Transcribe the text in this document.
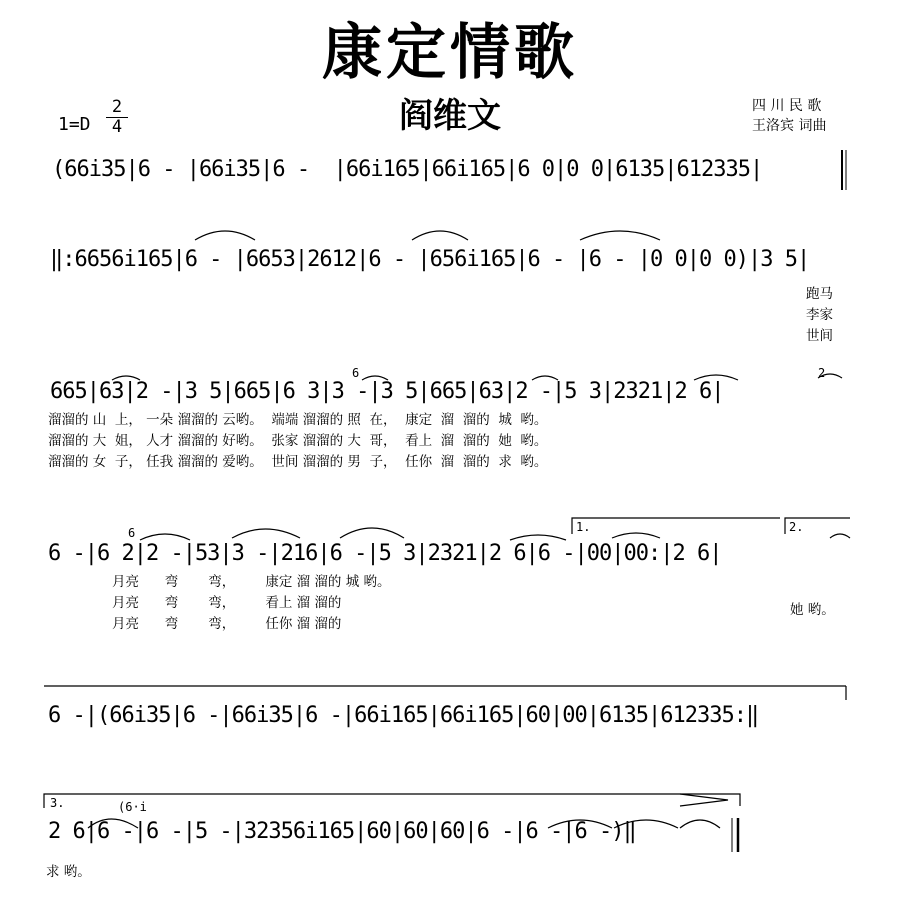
康定情歌
阎维文
$1=D \frac{2}{4}$	四 川 民 歌
王洛宾 词曲
(66i35|6 - |66i35|6 -  |66i165|66i165|6 0|0 0|6135|612335|
‖:6656i165|6 - |6653|2612|6 - |656i165|6 - |6 - |0 0|0 0)|3 5|
跑马
李家
世间
6	2
665|63|2 -|3 5|665|6 3|3 -|3 5|665|63|2 -|5 3|2321|2 6|
溜溜的 山  上， 一朵 溜溜的 云哟。  端端 溜溜的 照  在，  康定  溜  溜的  城  哟。
溜溜的 大  姐， 人才 溜溜的 好哟。  张家 溜溜的 大  哥，  看上  溜  溜的  她  哟。
溜溜的 女  子， 任我 溜溜的 爱哟。  世间 溜溜的 男  子，  任你  溜  溜的  求  哟。
1.	2.
6
6 -|6 2|2 -|53|3 -|216|6 -|5 3|2321|2 6|6 -|00|00:|2 6|
月亮      弯       弯，       康定 溜 溜的 城 哟。
月亮      弯       弯，       看上 溜 溜的
月亮      弯       弯，       任你 溜 溜的
她 哟。
6 -|(66i35|6 -|66i35|6 -|66i165|66i165|60|00|6135|612335:‖
3.	(6·i
2 6|6 -|6 -|5 -|32356i165|60|60|60|6 -|6 -|6 -)‖
求 哟。
